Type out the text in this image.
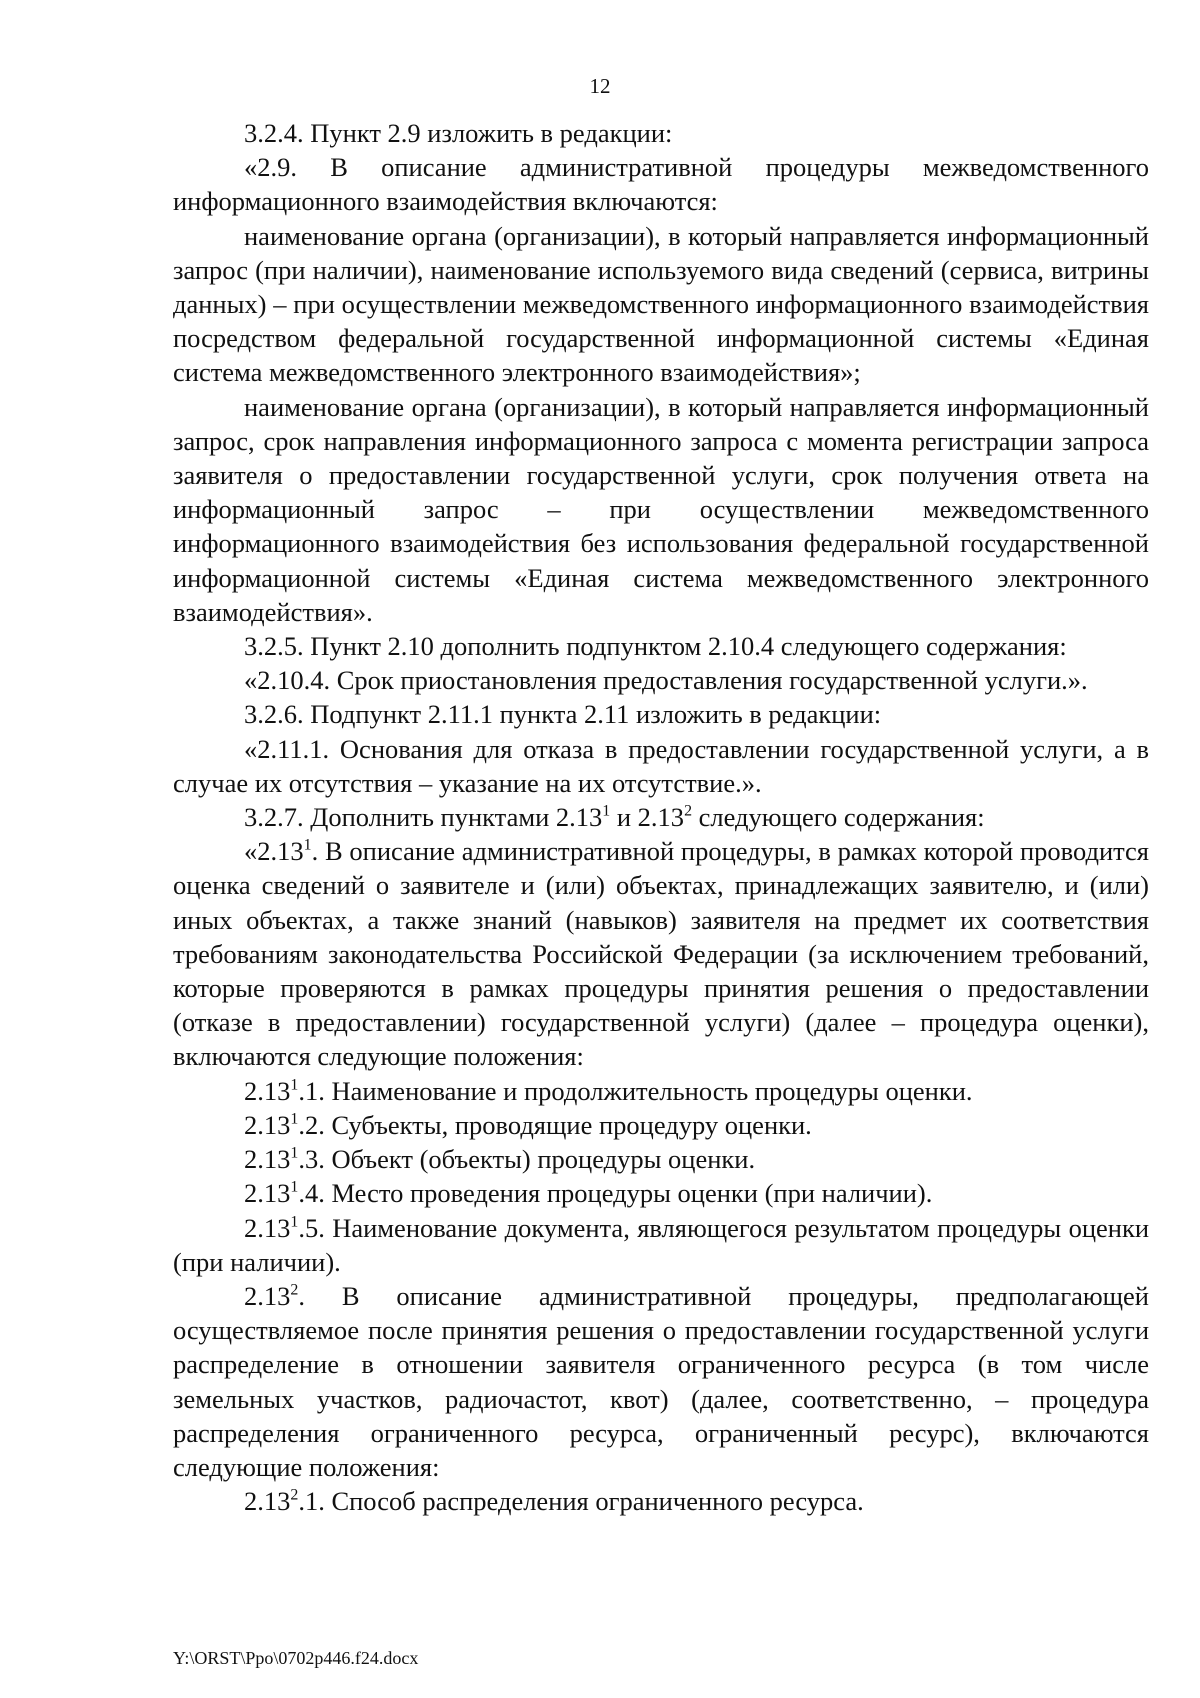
12

3.2.4. Пункт 2.9 изложить в редакции:

«2.9. В описание административной процедуры межведомственного информационного взаимодействия включаются:

наименование органа (организации), в который направляется информационный запрос (при наличии), наименование используемого вида сведений (сервиса, витрины данных) – при осуществлении межведомственного информационного взаимодействия посредством федеральной государственной информационной системы «Единая система межведомственного электронного взаимодействия»;

наименование органа (организации), в который направляется информационный запрос, срок направления информационного запроса с момента регистрации запроса заявителя о предоставлении государственной услуги, срок получения ответа на информационный запрос – при осуществлении межведомственного информационного взаимодействия без использования федеральной государственной информационной системы «Единая система межведомственного электронного взаимодействия».

3.2.5. Пункт 2.10 дополнить подпунктом 2.10.4 следующего содержания:

«2.10.4. Срок приостановления предоставления государственной услуги.».

3.2.6. Подпункт 2.11.1 пункта 2.11 изложить в редакции:

«2.11.1. Основания для отказа в предоставлении государственной услуги, а в случае их отсутствия – указание на их отсутствие.».

3.2.7. Дополнить пунктами 2.13$^1$ и 2.13$^2$ следующего содержания:

«2.13$^1$. В описание административной процедуры, в рамках которой проводится оценка сведений о заявителе и (или) объектах, принадлежащих заявителю, и (или) иных объектах, а также знаний (навыков) заявителя на предмет их соответствия требованиям законодательства Российской Федерации (за исключением требований, которые проверяются в рамках процедуры принятия решения о предоставлении (отказе в предоставлении) государственной услуги) (далее – процедура оценки), включаются следующие положения:

2.13$^1$.1. Наименование и продолжительность процедуры оценки.

2.13$^1$.2. Субъекты, проводящие процедуру оценки.

2.13$^1$.3. Объект (объекты) процедуры оценки.

2.13$^1$.4. Место проведения процедуры оценки (при наличии).

2.13$^1$.5. Наименование документа, являющегося результатом процедуры оценки (при наличии).

2.13$^2$. В описание административной процедуры, предполагающей осуществляемое после принятия решения о предоставлении государственной услуги распределение в отношении заявителя ограниченного ресурса (в том числе земельных участков, радиочастот, квот) (далее, соответственно, – процедура распределения ограниченного ресурса, ограниченный ресурс), включаются следующие положения:

2.13$^2$.1. Способ распределения ограниченного ресурса.

Y:\ORST\Ppo\0702p446.f24.docx
